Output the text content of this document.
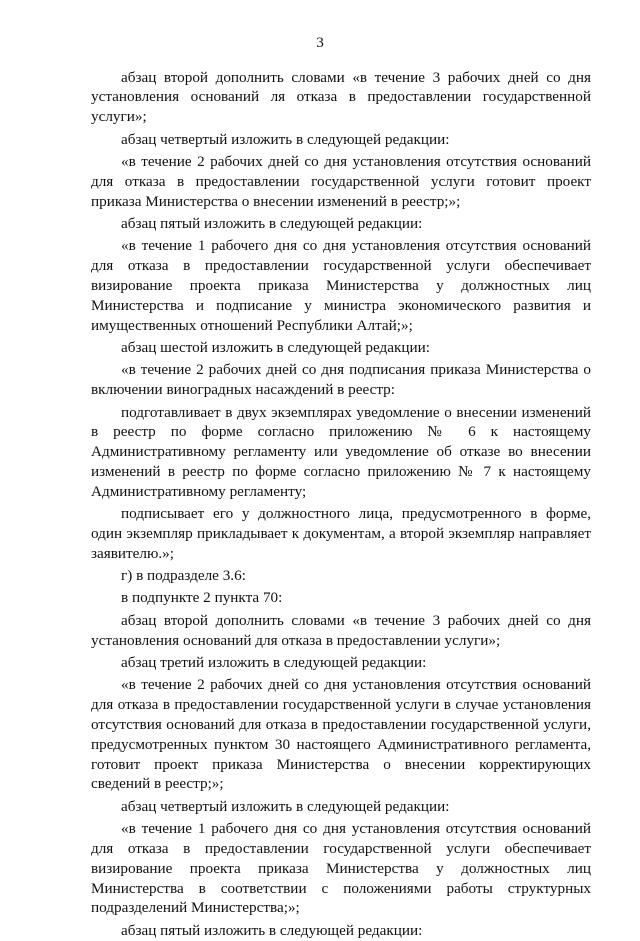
3

абзац второй дополнить словами «в течение 3 рабочих дней со дня установления оснований ля отказа в предоставлении государственной услуги»;

абзац четвертый изложить в следующей редакции:

«в течение 2 рабочих дней со дня установления отсутствия оснований для отказа в предоставлении государственной услуги готовит проект приказа Министерства о внесении изменений в реестр;»;

абзац пятый изложить в следующей редакции:

«в течение 1 рабочего дня со дня установления отсутствия оснований для отказа в предоставлении государственной услуги обеспечивает визирование проекта приказа Министерства у должностных лиц Министерства и подписание у министра экономического развития и имущественных отношений Республики Алтай;»;

абзац шестой изложить в следующей редакции:

«в течение 2 рабочих дней со дня подписания приказа Министерства о включении виноградных насаждений в реестр:

подготавливает в двух экземплярах уведомление о внесении изменений в реестр по форме согласно приложению № 6 к настоящему Административному регламенту или уведомление об отказе во внесении изменений в реестр по форме согласно приложению № 7 к настоящему Административному регламенту;

подписывает его у должностного лица, предусмотренного в форме, один экземпляр прикладывает к документам, а второй экземпляр направляет заявителю.»;

г) в подразделе 3.6:

в подпункте 2 пункта 70:

абзац второй дополнить словами «в течение 3 рабочих дней со дня установления оснований для отказа в предоставлении услуги»;

абзац третий изложить в следующей редакции:

«в течение 2 рабочих дней со дня установления отсутствия оснований для отказа в предоставлении государственной услуги в случае установления отсутствия оснований для отказа в предоставлении государственной услуги, предусмотренных пунктом 30 настоящего Административного регламента, готовит проект приказа Министерства о внесении корректирующих сведений в реестр;»;

абзац четвертый изложить в следующей редакции:

«в течение 1 рабочего дня со дня установления отсутствия оснований для отказа в предоставлении государственной услуги обеспечивает визирование проекта приказа Министерства у должностных лиц Министерства в соответствии с положениями работы структурных подразделений Министерства;»;

абзац пятый изложить в следующей редакции:
